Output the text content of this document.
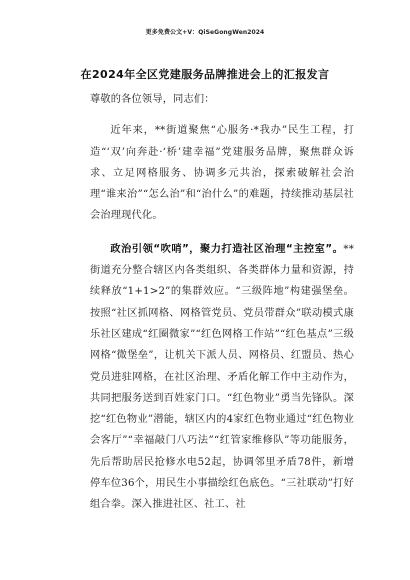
更多免费公文+V：QiSeGongWen2024
在2024年全区党建服务品牌推进会上的汇报发言

尊敬的各位领导，同志们：

近年来，**街道聚焦“心服务·*我办”民生工程，打造“‘双’向奔赴·‘桥’建幸福”党建服务品牌，聚焦群众诉求、立足网格服务、协调多元共治，探索破解社会治理“谁来治”“怎么治”和“治什么”的难题，持续推动基层社会治理现代化。

政治引领“吹哨”，聚力打造社区治理“主控室”。**街道充分整合辖区内各类组织、各类群体力量和资源，持续释放“1+1>2”的集群效应。“三级阵地”构建强堡垒。按照“社区抓网格、网格管党员、党员带群众”联动模式康乐社区建成“红圈微家”“红色网格工作站”“红色基点”三级网格“微堡垒”，让机关下派人员、网格员、红盟员、热心党员进驻网格，在社区治理、矛盾化解工作中主动作为，共同把服务送到百姓家门口。“红色物业”勇当先锋队。深挖“红色物业”潜能，辖区内的4家红色物业通过“红色物业会客厅”“幸福敲门八巧法”“红管家维修队”等功能服务，先后帮助居民抢修水电52起，协调邻里矛盾78件，新增停车位36个，用民生小事描绘红色底色。“三社联动”打好组合拳。深入推进社区、社工、社
